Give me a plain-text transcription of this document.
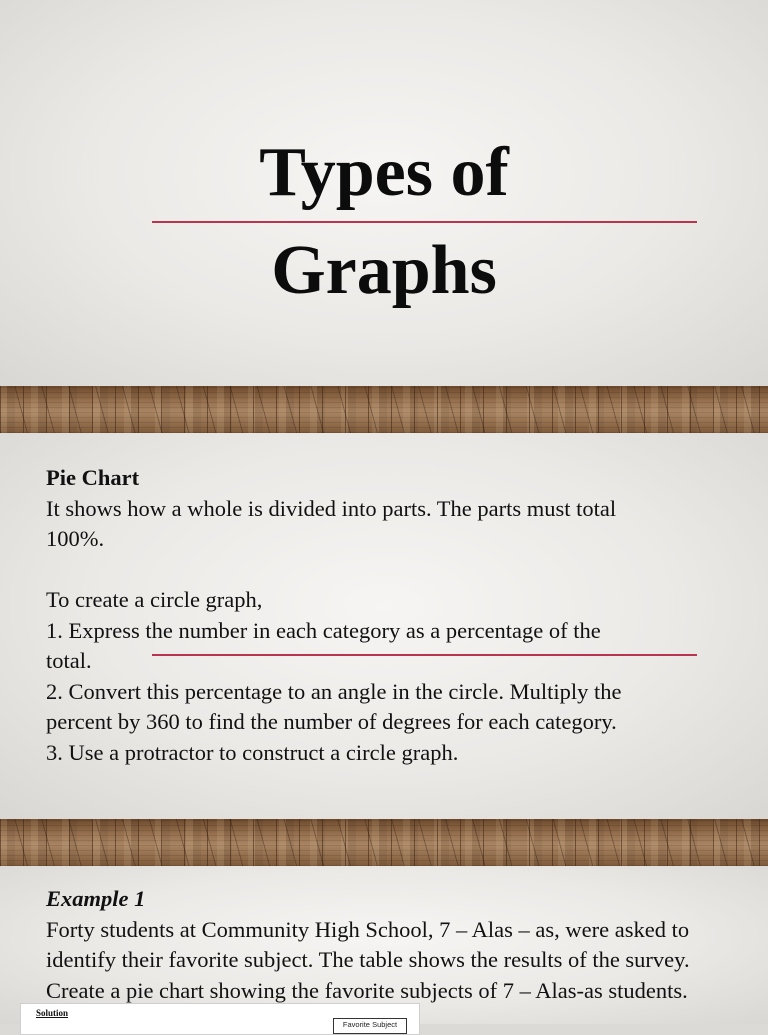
Types of
Graphs
Pie Chart
It shows how a whole is divided into parts. The parts must total
100%.
To create a circle graph,
1. Express the number in each category as a percentage of the
total.
2. Convert this percentage to an angle in the circle. Multiply the
percent by 360 to find the number of degrees for each category.
3. Use a protractor to construct a circle graph.
Example 1
Forty students at Community High School, 7 – Alas – as, were asked to
identify their favorite subject. The table shows the results of the survey.
Create a pie chart showing the favorite subjects of 7 – Alas-as students.
Solution
Favorite Subject
